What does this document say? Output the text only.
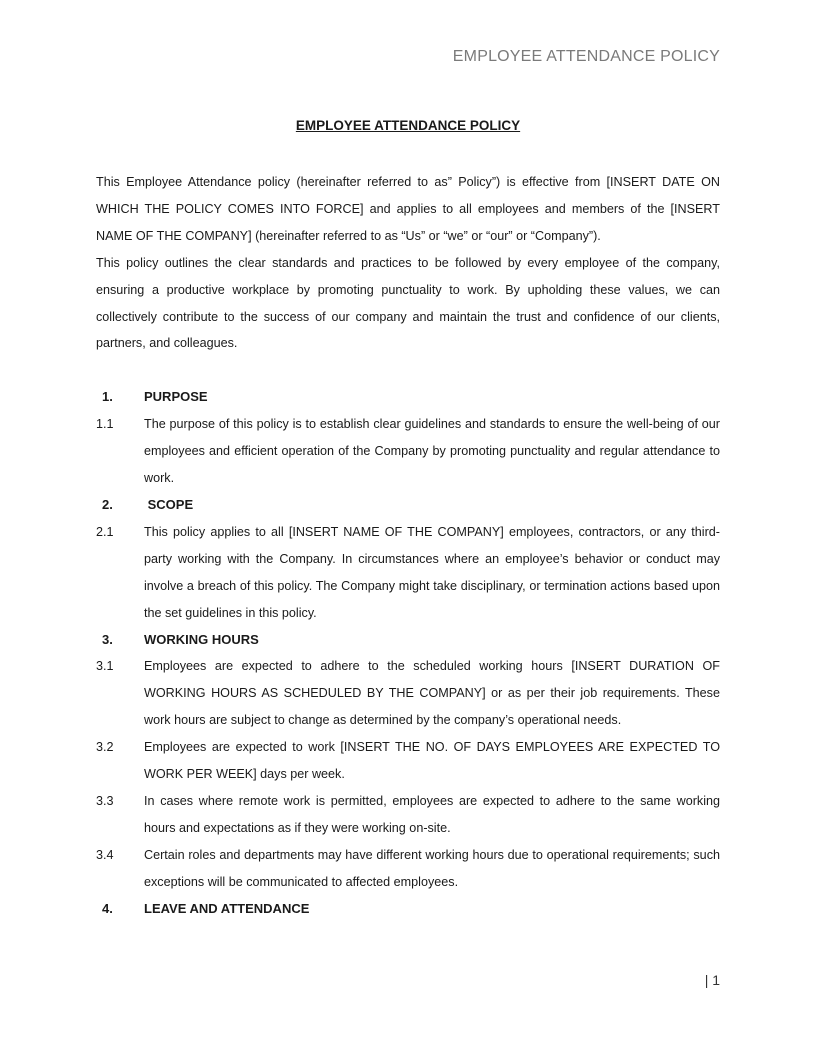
EMPLOYEE ATTENDANCE POLICY
EMPLOYEE ATTENDANCE POLICY

This Employee Attendance policy (hereinafter referred to as” Policy”) is effective from [INSERT DATE ON WHICH THE POLICY COMES INTO FORCE] and applies to all employees and members of the [INSERT NAME OF THE COMPANY] (hereinafter referred to as “Us” or “we” or “our” or “Company”).

This policy outlines the clear standards and practices to be followed by every employee of the company, ensuring a productive workplace by promoting punctuality to work. By upholding these values, we can collectively contribute to the success of our company and maintain the trust and confidence of our clients, partners, and colleagues.

1.	PURPOSE
1.1	The purpose of this policy is to establish clear guidelines and standards to ensure the well-being of our employees and efficient operation of the Company by promoting punctuality and regular attendance to work.
2.	SCOPE
2.1	This policy applies to all [INSERT NAME OF THE COMPANY] employees, contractors, or any third-party working with the Company. In circumstances where an employee’s behavior or conduct may involve a breach of this policy. The Company might take disciplinary, or termination actions based upon the set guidelines in this policy.
3.	WORKING HOURS
3.1	Employees are expected to adhere to the scheduled working hours [INSERT DURATION OF WORKING HOURS AS SCHEDULED BY THE COMPANY] or as per their job requirements. These work hours are subject to change as determined by the company’s operational needs.
3.2	Employees are expected to work [INSERT THE NO. OF DAYS EMPLOYEES ARE EXPECTED TO WORK PER WEEK] days per week.
3.3	In cases where remote work is permitted, employees are expected to adhere to the same working hours and expectations as if they were working on-site.
3.4	Certain roles and departments may have different working hours due to operational requirements; such exceptions will be communicated to affected employees.
4.	LEAVE AND ATTENDANCE
| 1
